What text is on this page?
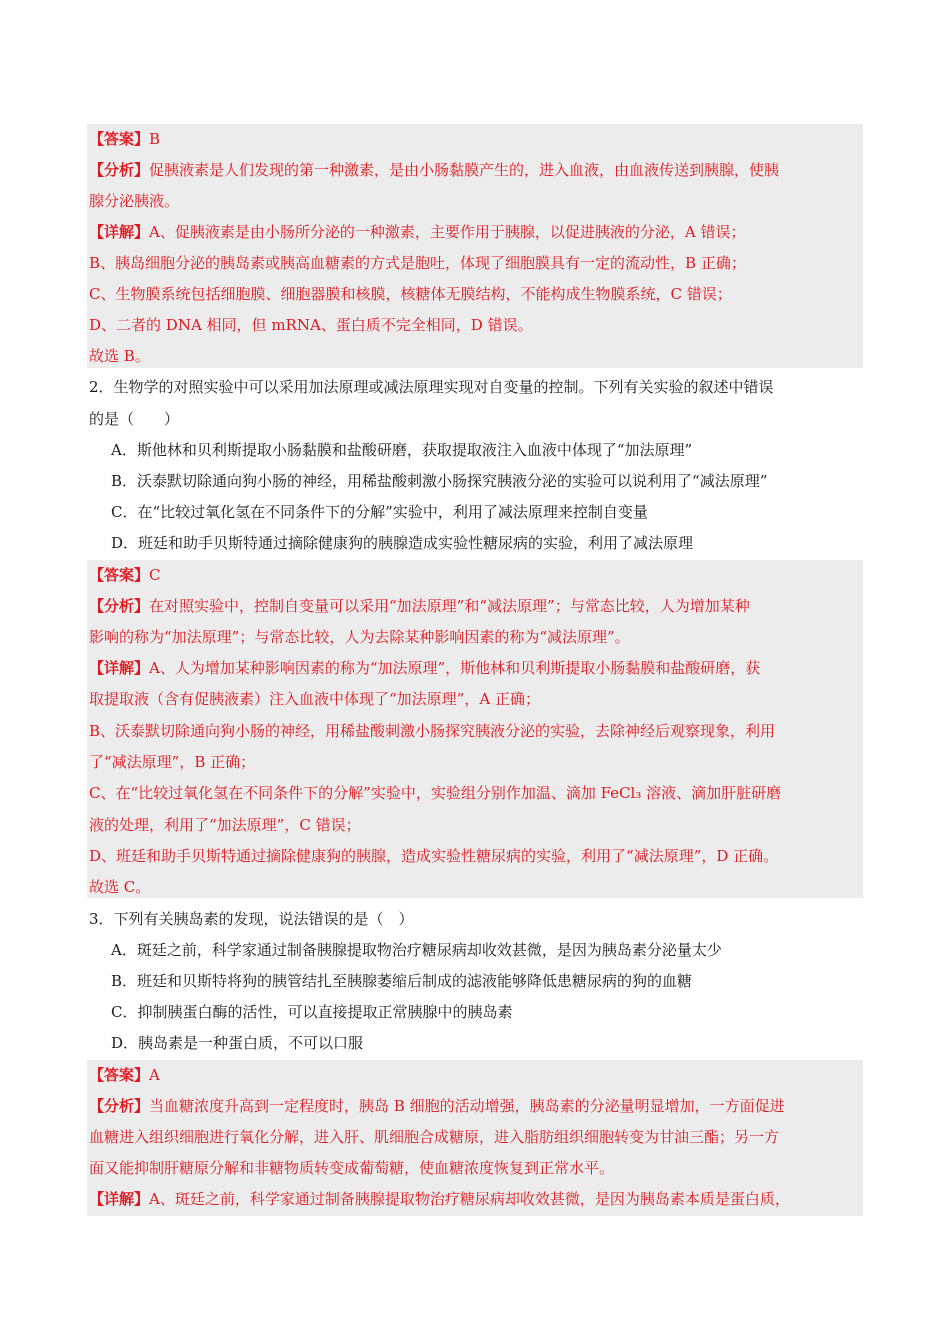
【答案】B
【分析】促胰液素是人们发现的第一种激素，是由小肠黏膜产生的，进入血液，由血液传送到胰腺，使胰
腺分泌胰液。
【详解】A、促胰液素是由小肠所分泌的一种激素，主要作用于胰腺，以促进胰液的分泌，A 错误；
B、胰岛细胞分泌的胰岛素或胰高血糖素的方式是胞吐，体现了细胞膜具有一定的流动性，B 正确；
C、生物膜系统包括细胞膜、细胞器膜和核膜，核糖体无膜结构，不能构成生物膜系统，C 错误；
D、二者的 DNA 相同，但 mRNA、蛋白质不完全相同，D 错误。
故选 B。
2．生物学的对照实验中可以采用加法原理或减法原理实现对自变量的控制。下列有关实验的叙述中错误
的是（　　）
A．斯他林和贝利斯提取小肠黏膜和盐酸研磨，获取提取液注入血液中体现了“加法原理”
B．沃泰默切除通向狗小肠的神经，用稀盐酸刺激小肠探究胰液分泌的实验可以说利用了“减法原理”
C．在“比较过氧化氢在不同条件下的分解”实验中，利用了减法原理来控制自变量
D．班廷和助手贝斯特通过摘除健康狗的胰腺造成实验性糖尿病的实验，利用了减法原理
【答案】C
【分析】在对照实验中，控制自变量可以采用“加法原理”和“减法原理”；与常态比较，人为增加某种
影响的称为“加法原理”；与常态比较，人为去除某种影响因素的称为“减法原理”。
【详解】A、人为增加某种影响因素的称为“加法原理”，斯他林和贝利斯提取小肠黏膜和盐酸研磨，获
取提取液（含有促胰液素）注入血液中体现了“加法原理”，A 正确；
B、沃泰默切除通向狗小肠的神经，用稀盐酸刺激小肠探究胰液分泌的实验，去除神经后观察现象，利用
了“减法原理”，B 正确；
C、在“比较过氧化氢在不同条件下的分解”实验中，实验组分别作加温、滴加 FeCl₃ 溶液、滴加肝脏研磨
液的处理，利用了“加法原理”，C 错误；
D、班廷和助手贝斯特通过摘除健康狗的胰腺，造成实验性糖尿病的实验，利用了“减法原理”，D 正确。
故选 C。
3．下列有关胰岛素的发现，说法错误的是（　）
A．斑廷之前，科学家通过制备胰腺提取物治疗糖尿病却收效甚微，是因为胰岛素分泌量太少
B．班廷和贝斯特将狗的胰管结扎至胰腺萎缩后制成的滤液能够降低患糖尿病的狗的血糖
C．抑制胰蛋白酶的活性，可以直接提取正常胰腺中的胰岛素
D．胰岛素是一种蛋白质，不可以口服
【答案】A
【分析】当血糖浓度升高到一定程度时，胰岛 B 细胞的活动增强，胰岛素的分泌量明显增加，一方面促进
血糖进入组织细胞进行氧化分解，进入肝、肌细胞合成糖原，进入脂肪组织细胞转变为甘油三酯；另一方
面又能抑制肝糖原分解和非糖物质转变成葡萄糖，使血糖浓度恢复到正常水平。
【详解】A、斑廷之前，科学家通过制备胰腺提取物治疗糖尿病却收效甚微，是因为胰岛素本质是蛋白质，
